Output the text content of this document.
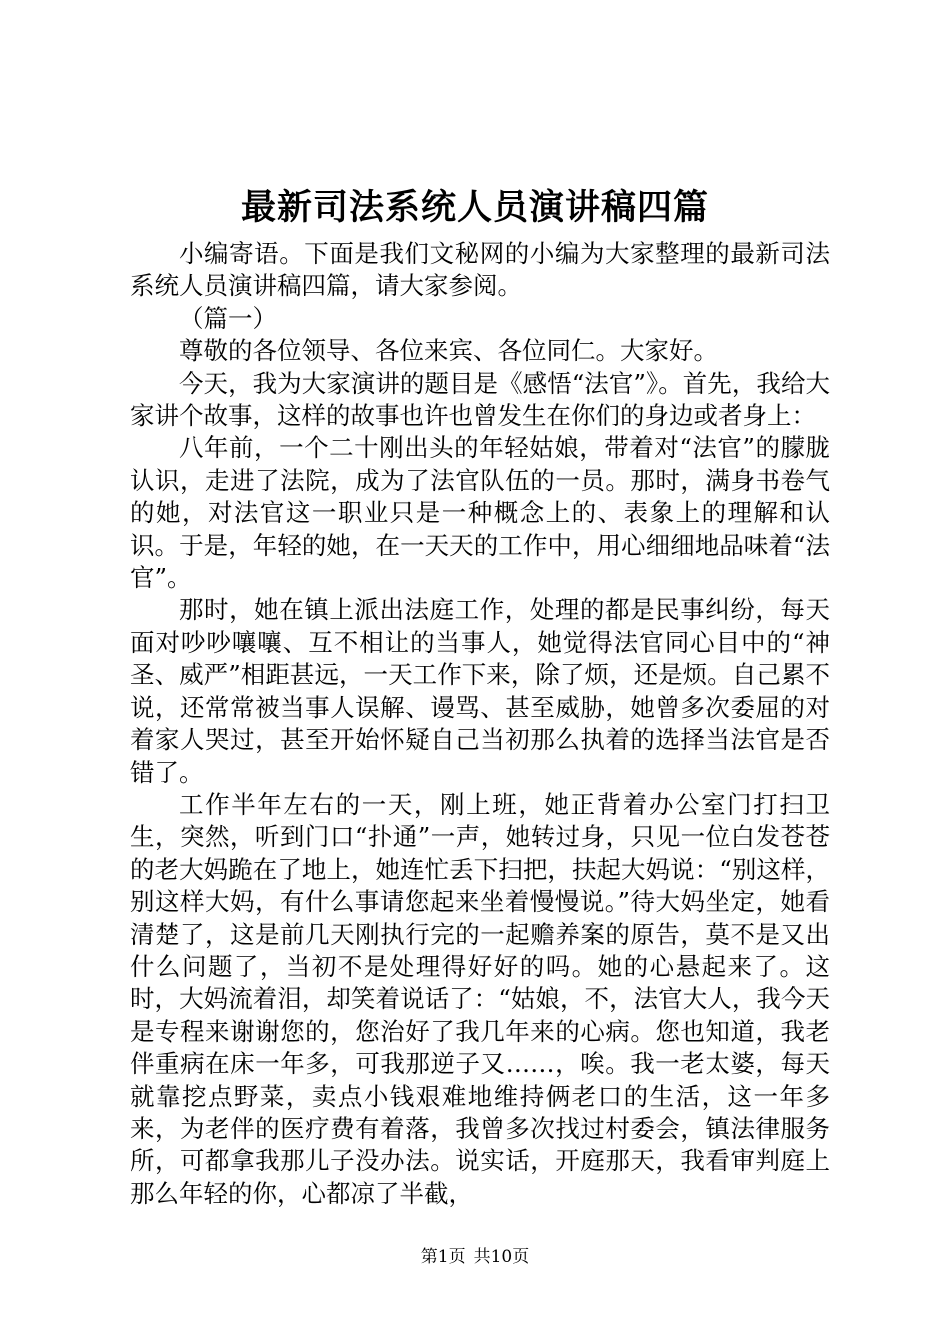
最新司法系统人员演讲稿四篇

小编寄语。下面是我们文秘网的小编为大家整理的最新司法系统人员演讲稿四篇，请大家参阅。

（篇一）

尊敬的各位领导、各位来宾、各位同仁。大家好。

今天，我为大家演讲的题目是《感悟“法官”》。首先，我给大家讲个故事，这样的故事也许也曾发生在你们的身边或者身上：

八年前，一个二十刚出头的年轻姑娘，带着对“法官”的朦胧认识，走进了法院，成为了法官队伍的一员。那时，满身书卷气的她，对法官这一职业只是一种概念上的、表象上的理解和认识。于是，年轻的她，在一天天的工作中，用心细细地品味着“法官”。

那时，她在镇上派出法庭工作，处理的都是民事纠纷，每天面对吵吵嚷嚷、互不相让的当事人，她觉得法官同心目中的“神圣、威严”相距甚远，一天工作下来，除了烦，还是烦。自己累不说，还常常被当事人误解、谩骂、甚至威胁，她曾多次委屈的对着家人哭过，甚至开始怀疑自己当初那么执着的选择当法官是否错了。

工作半年左右的一天，刚上班，她正背着办公室门打扫卫生，突然，听到门口“扑通”一声，她转过身，只见一位白发苍苍的老大妈跪在了地上，她连忙丢下扫把，扶起大妈说：“别这样，别这样大妈，有什么事请您起来坐着慢慢说。”待大妈坐定，她看清楚了，这是前几天刚执行完的一起赡养案的原告，莫不是又出什么问题了，当初不是处理得好好的吗。她的心悬起来了。这时，大妈流着泪，却笑着说话了：“姑娘，不，法官大人，我今天是专程来谢谢您的，您治好了我几年来的心病。您也知道，我老伴重病在床一年多，可我那逆子又……，唉。我一老太婆，每天就靠挖点野菜，卖点小钱艰难地维持俩老口的生活，这一年多来，为老伴的医疗费有着落，我曾多次找过村委会，镇法律服务所，可都拿我那儿子没办法。说实话，开庭那天，我看审判庭上那么年轻的你，心都凉了半截，

第1页 共10页
